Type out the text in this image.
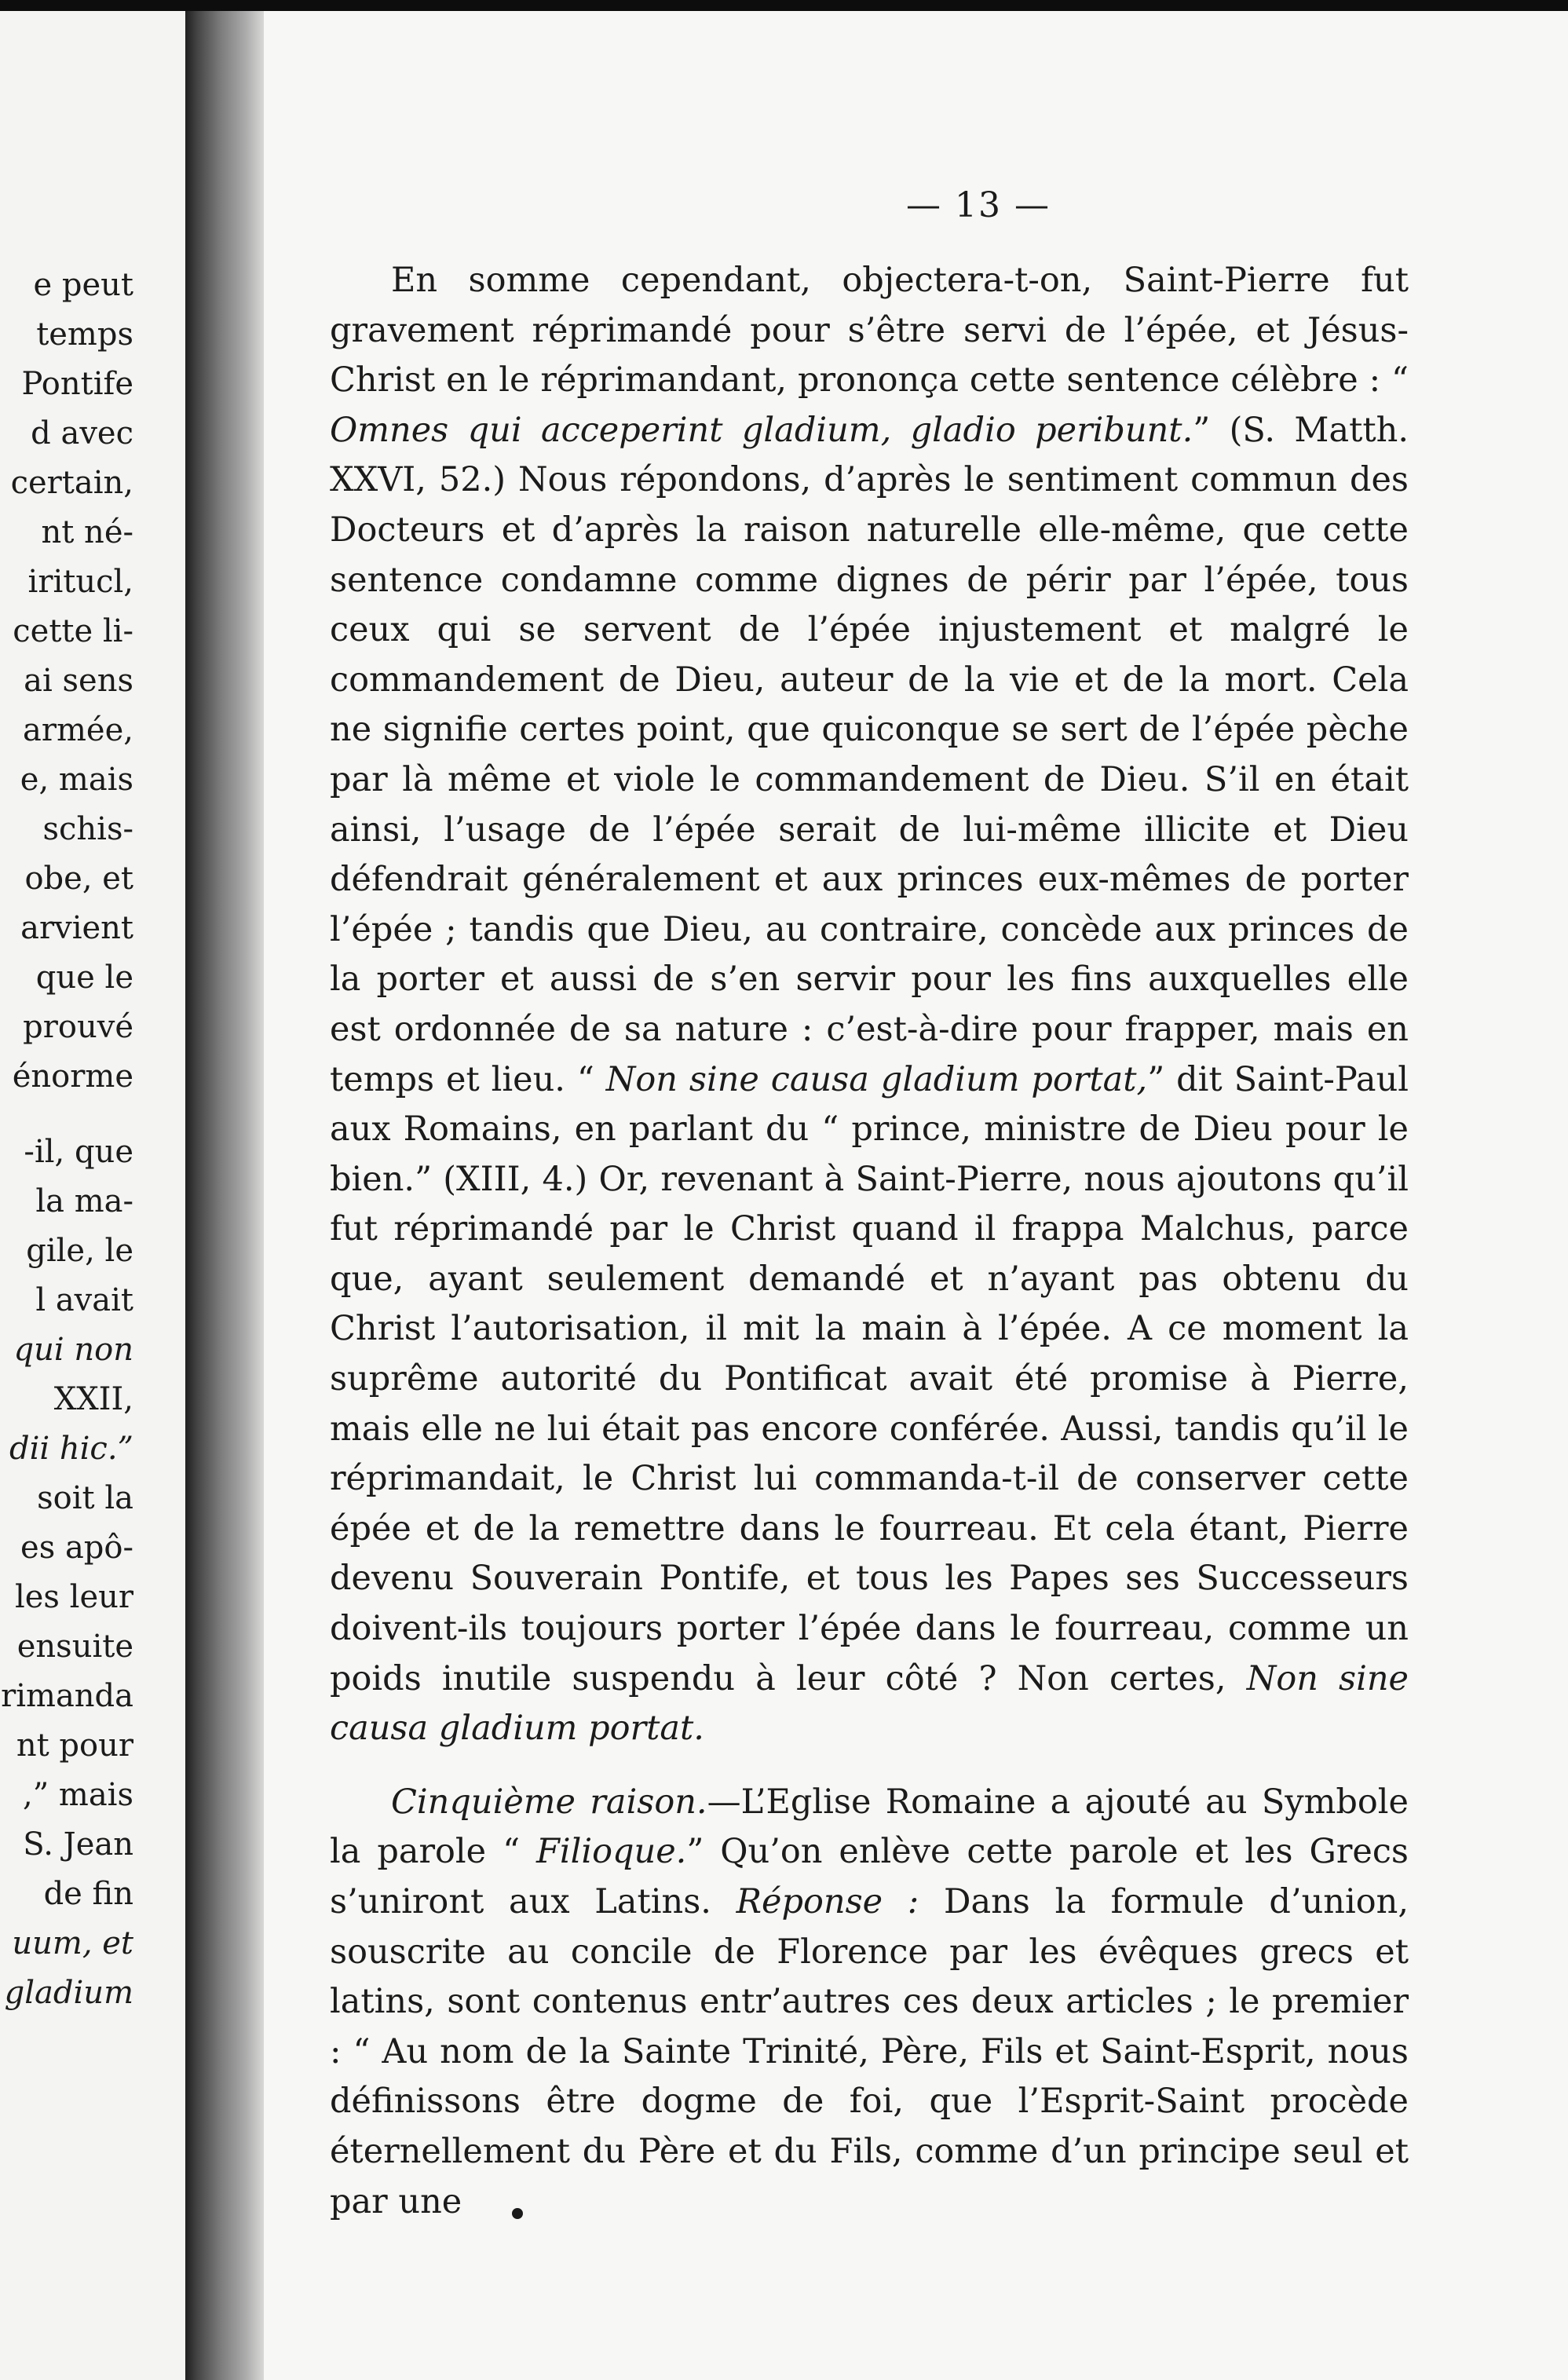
e peut
temps
Pontife
d avec
certain,
nt né-
iritucl,
cette li-
ai sens
armée,
e, mais
schis-
obe, et
arvient
que le
prouvé
énorme
-il, que
la ma-
gile, le
l avait
qui non
XXII,
dii hic.”
soit la
es apô-
les leur
ensuite
rimanda
nt pour
,” mais
S. Jean
de fin
uum, et
gladium
— 13 —

En somme cependant, objectera-t-on, Saint-Pierre fut gravement réprimandé pour s’être servi de l’épée, et Jésus-Christ en le réprimandant, prononça cette sentence célèbre : “ Omnes qui acceperint gladium, gladio peribunt.” (S. Matth. XXVI, 52.) Nous répondons, d’après le sentiment commun des Docteurs et d’après la raison naturelle elle-même, que cette sentence condamne comme dignes de périr par l’épée, tous ceux qui se servent de l’épée injustement et malgré le commandement de Dieu, auteur de la vie et de la mort. Cela ne signifie certes point, que quiconque se sert de l’épée pèche par là même et viole le commandement de Dieu. S’il en était ainsi, l’usage de l’épée serait de lui-même illicite et Dieu défendrait généralement et aux princes eux-mêmes de porter l’épée ; tandis que Dieu, au contraire, concède aux princes de la porter et aussi de s’en servir pour les fins auxquelles elle est ordonnée de sa nature : c’est-à-dire pour frapper, mais en temps et lieu. “ Non sine causa gladium portat,” dit Saint-Paul aux Romains, en parlant du “ prince, ministre de Dieu pour le bien.” (XIII, 4.) Or, revenant à Saint-Pierre, nous ajoutons qu’il fut réprimandé par le Christ quand il frappa Malchus, parce que, ayant seulement demandé et n’ayant pas obtenu du Christ l’autorisation, il mit la main à l’épée. A ce moment la suprême autorité du Pontificat avait été promise à Pierre, mais elle ne lui était pas encore conférée. Aussi, tandis qu’il le réprimandait, le Christ lui commanda-t-il de conserver cette épée et de la remettre dans le fourreau. Et cela étant, Pierre devenu Souverain Pontife, et tous les Papes ses Successeurs doivent-ils toujours porter l’épée dans le fourreau, comme un poids inutile suspendu à leur côté ? Non certes, Non sine causa gladium portat.

Cinquième raison.—L’Eglise Romaine a ajouté au Symbole la parole “ Filioque.” Qu’on enlève cette parole et les Grecs s’uniront aux Latins. Réponse : Dans la formule d’union, souscrite au concile de Florence par les évêques grecs et latins, sont contenus entr’autres ces deux articles ; le premier : “ Au nom de la Sainte Trinité, Père, Fils et Saint-Esprit, nous définissons être dogme de foi, que l’Esprit-Saint procède éternellement du Père et du Fils, comme d’un principe seul et par une
